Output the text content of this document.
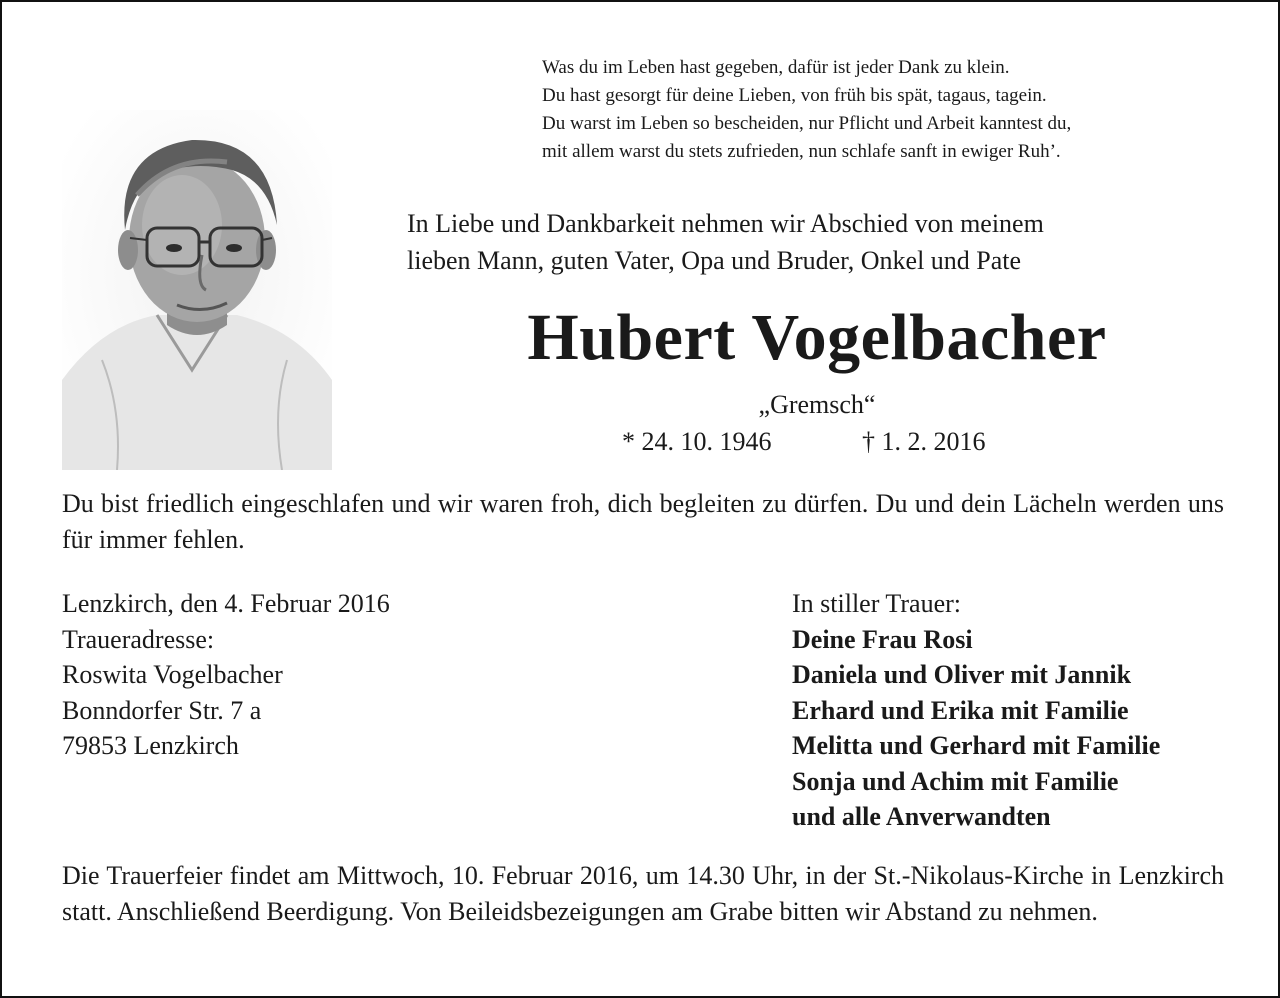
Was du im Leben hast gegeben, dafür ist jeder Dank zu klein.
Du hast gesorgt für deine Lieben, von früh bis spät, tagaus, tagein.
Du warst im Leben so bescheiden, nur Pflicht und Arbeit kanntest du,
mit allem warst du stets zufrieden, nun schlafe sanft in ewiger Ruh’.
In Liebe und Dankbarkeit nehmen wir Abschied von meinem
lieben Mann, guten Vater, Opa und Bruder, Onkel und Pate
Hubert Vogelbacher
„Gremsch“
* 24. 10. 1946	† 1. 2. 2016
Du bist friedlich eingeschlafen und wir waren froh, dich begleiten zu dürfen. Du und dein Lächeln werden uns für immer fehlen.
Lenzkirch, den 4. Februar 2016
Traueradresse:
Roswita Vogelbacher
Bonndorfer Str. 7 a
79853 Lenzkirch
In stiller Trauer:
Deine Frau Rosi
Daniela und Oliver mit Jannik
Erhard und Erika mit Familie
Melitta und Gerhard mit Familie
Sonja und Achim mit Familie
und alle Anverwandten
Die Trauerfeier findet am Mittwoch, 10. Februar 2016, um 14.30 Uhr, in der St.-Nikolaus-Kirche in Lenzkirch statt. Anschließend Beerdigung. Von Beileidsbezeigungen am Grabe bitten wir Abstand zu nehmen.
